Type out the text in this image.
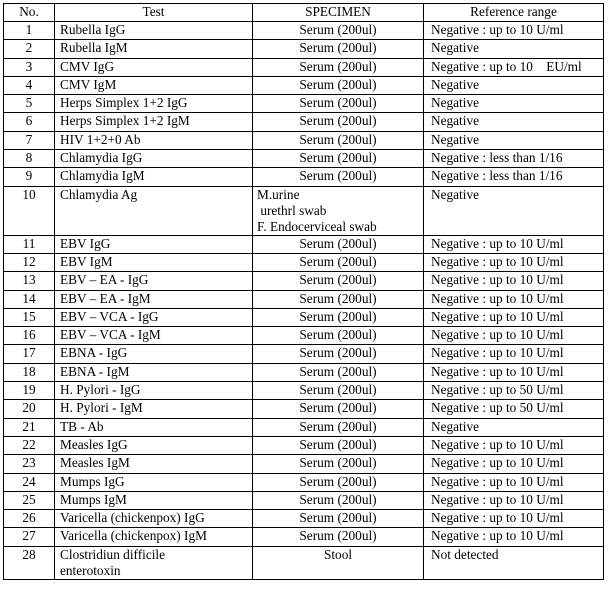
No.	Test	SPECIMEN	Reference range
1	Rubella IgG	Serum (200ul)	Negative : up to 10 U/ml
2	Rubella IgM	Serum (200ul)	Negative
3	CMV IgG	Serum (200ul)	Negative : up to 10    EU/ml
4	CMV IgM	Serum (200ul)	Negative
5	Herps Simplex 1+2 IgG	Serum (200ul)	Negative
6	Herps Simplex 1+2 IgM	Serum (200ul)	Negative
7	HIV 1+2+0 Ab	Serum (200ul)	Negative
8	Chlamydia IgG	Serum (200ul)	Negative : less than 1/16
9	Chlamydia IgM	Serum (200ul)	Negative : less than 1/16
10	Chlamydia Ag	M.urine
urethrl swab
F. Endocerviceal swab	Negative
11	EBV IgG	Serum (200ul)	Negative : up to 10 U/ml
12	EBV IgM	Serum (200ul)	Negative : up to 10 U/ml
13	EBV – EA - IgG	Serum (200ul)	Negative : up to 10 U/ml
14	EBV – EA - IgM	Serum (200ul)	Negative : up to 10 U/ml
15	EBV – VCA - IgG	Serum (200ul)	Negative : up to 10 U/ml
16	EBV – VCA - IgM	Serum (200ul)	Negative : up to 10 U/ml
17	EBNA - IgG	Serum (200ul)	Negative : up to 10 U/ml
18	EBNA - IgM	Serum (200ul)	Negative : up to 10 U/ml
19	H. Pylori - IgG	Serum (200ul)	Negative : up to 50 U/ml
20	H. Pylori - IgM	Serum (200ul)	Negative : up to 50 U/ml
21	TB - Ab	Serum (200ul)	Negative
22	Measles IgG	Serum (200ul)	Negative : up to 10 U/ml
23	Measles IgM	Serum (200ul)	Negative : up to 10 U/ml
24	Mumps IgG	Serum (200ul)	Negative : up to 10 U/ml
25	Mumps IgM	Serum (200ul)	Negative : up to 10 U/ml
26	Varicella (chickenpox) IgG	Serum (200ul)	Negative : up to 10 U/ml
27	Varicella (chickenpox) IgM	Serum (200ul)	Negative : up to 10 U/ml
28	Clostridiun difficile
enterotoxin	Stool	Not detected
